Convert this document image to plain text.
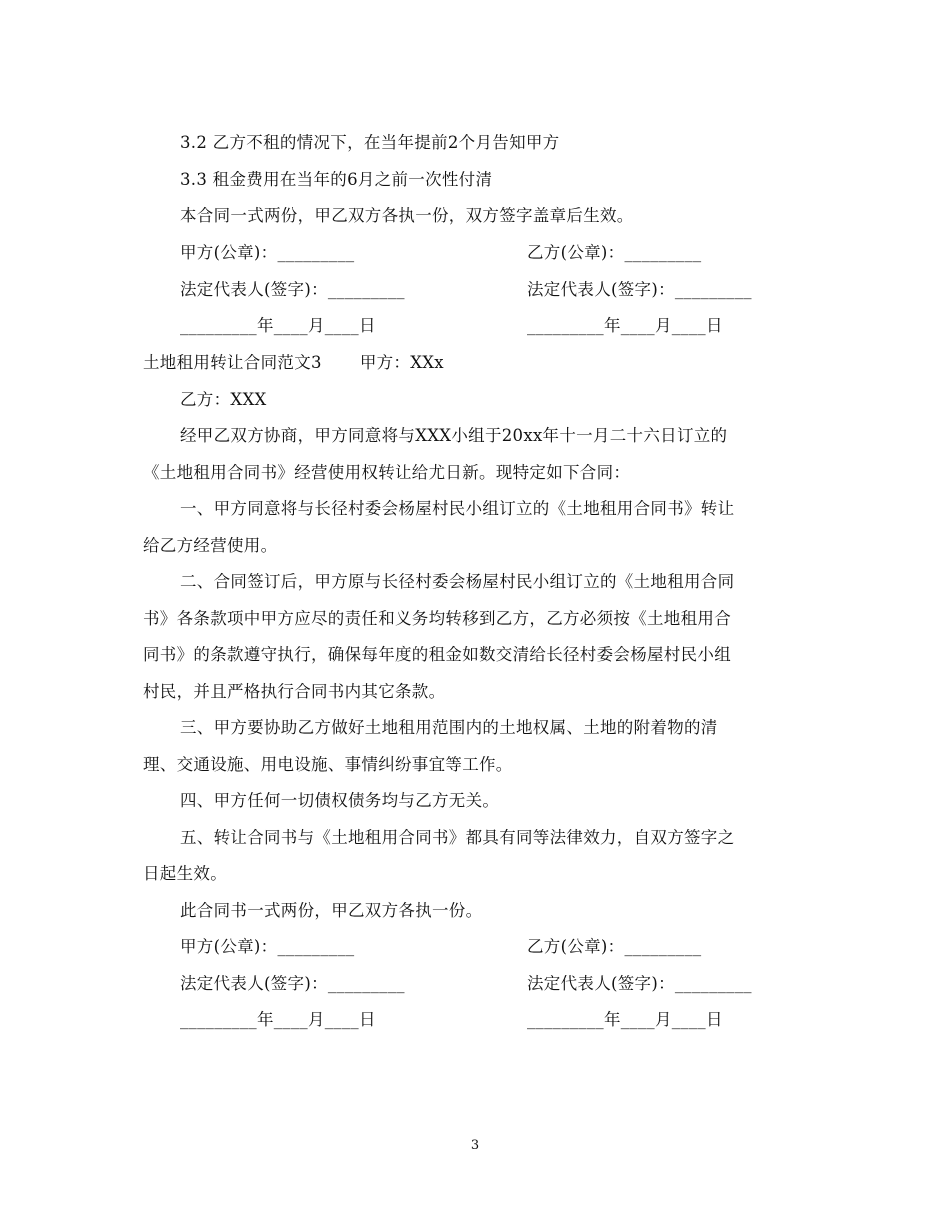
3.2 乙方不租的情况下，在当年提前2个月告知甲方
3.3 租金费用在当年的6月之前一次性付清
本合同一式两份，甲乙双方各执一份，双方签字盖章后生效。
甲方(公章)：_________	乙方(公章)：_________
法定代表人(签字)：_________	法定代表人(签字)：_________
_________年____月____日	_________年____月____日
土地租用转让合同范文3 甲方：XXx
乙方：XXX
经甲乙双方协商，甲方同意将与XXX小组于20xx年十一月二十六日订立的
《土地租用合同书》经营使用权转让给尤日新。现特定如下合同：
一、甲方同意将与长径村委会杨屋村民小组订立的《土地租用合同书》转让
给乙方经营使用。
二、合同签订后，甲方原与长径村委会杨屋村民小组订立的《土地租用合同
书》各条款项中甲方应尽的责任和义务均转移到乙方，乙方必须按《土地租用合
同书》的条款遵守执行，确保每年度的租金如数交清给长径村委会杨屋村民小组
村民，并且严格执行合同书内其它条款。
三、甲方要协助乙方做好土地租用范围内的土地权属、土地的附着物的清
理、交通设施、用电设施、事情纠纷事宜等工作。
四、甲方任何一切债权债务均与乙方无关。
五、转让合同书与《土地租用合同书》都具有同等法律效力，自双方签字之
日起生效。
此合同书一式两份，甲乙双方各执一份。
甲方(公章)：_________	乙方(公章)：_________
法定代表人(签字)：_________	法定代表人(签字)：_________
_________年____月____日	_________年____月____日
3
